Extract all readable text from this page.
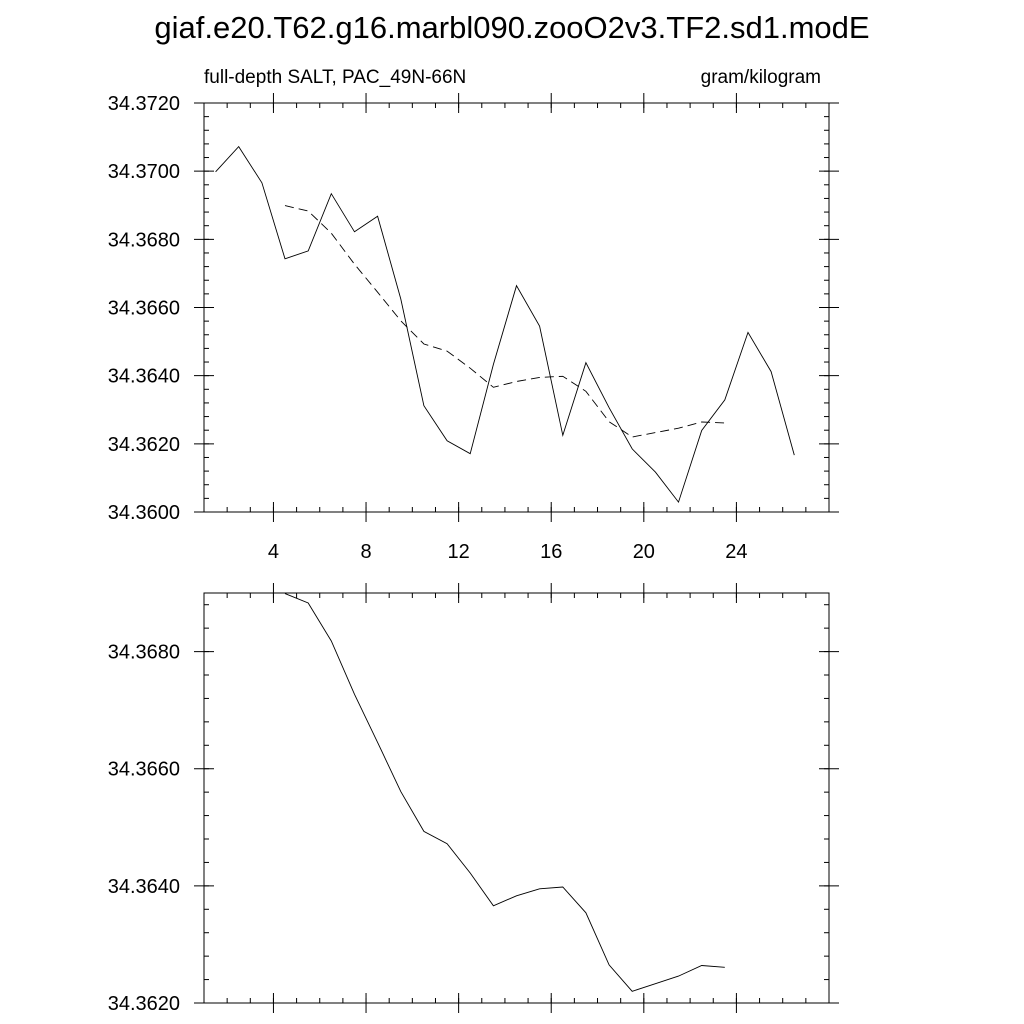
giaf.e20.T62.g16.marbl090.zooO2v3.TF2.sd1.modE
4	8	12	16	20	24
34.3600
34.3620
34.3640
34.3660
34.3680
34.3700
34.3720
full-depth SALT, PAC_49N-66N	gram/kilogram
34.3620
34.3640
34.3660
34.3680
